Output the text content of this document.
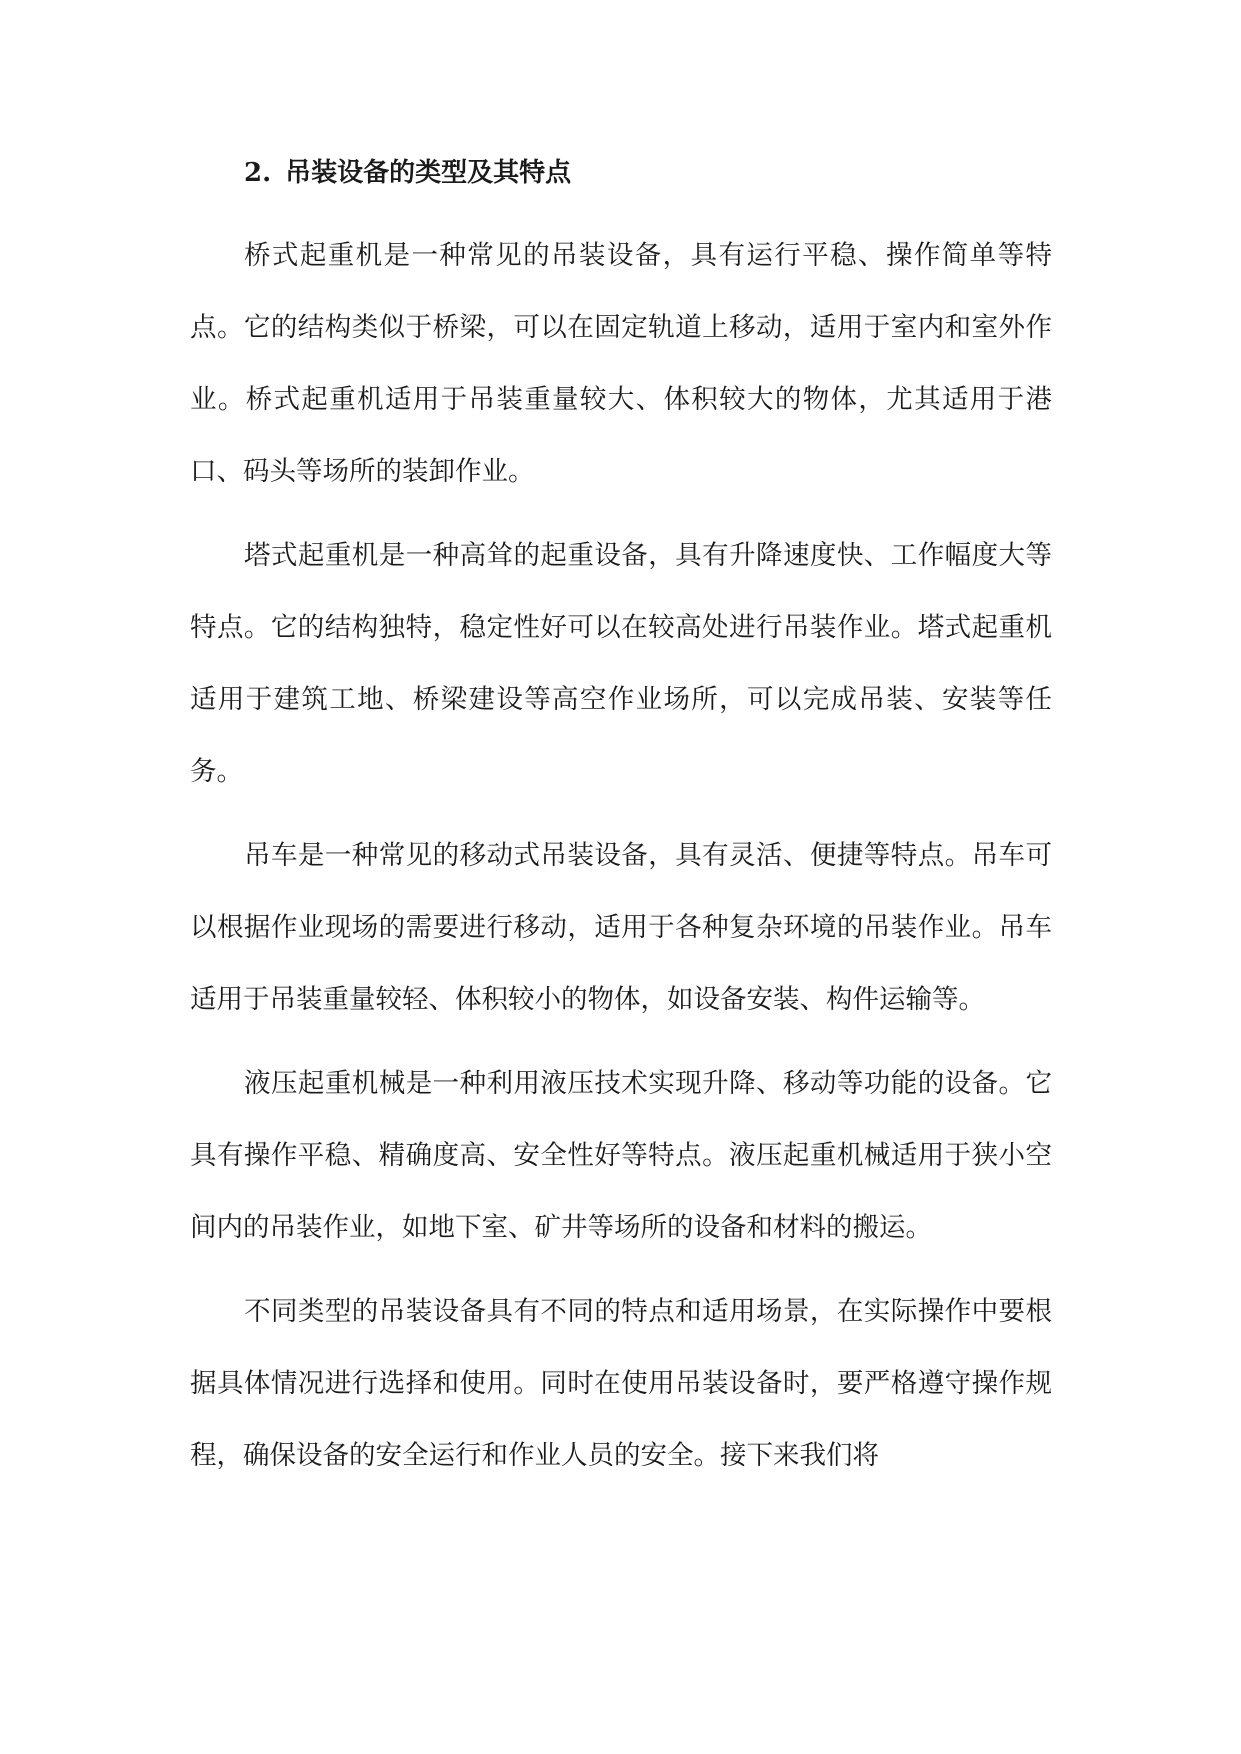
2. 吊装设备的类型及其特点

桥式起重机是一种常见的吊装设备，具有运行平稳、操作简单等特点。它的结构类似于桥梁，可以在固定轨道上移动，适用于室内和室外作业。桥式起重机适用于吊装重量较大、体积较大的物体，尤其适用于港口、码头等场所的装卸作业。

塔式起重机是一种高耸的起重设备，具有升降速度快、工作幅度大等特点。它的结构独特，稳定性好可以在较高处进行吊装作业。塔式起重机适用于建筑工地、桥梁建设等高空作业场所，可以完成吊装、安装等任务。

吊车是一种常见的移动式吊装设备，具有灵活、便捷等特点。吊车可以根据作业现场的需要进行移动，适用于各种复杂环境的吊装作业。吊车适用于吊装重量较轻、体积较小的物体，如设备安装、构件运输等。

液压起重机械是一种利用液压技术实现升降、移动等功能的设备。它具有操作平稳、精确度高、安全性好等特点。液压起重机械适用于狭小空间内的吊装作业，如地下室、矿井等场所的设备和材料的搬运。

不同类型的吊装设备具有不同的特点和适用场景，在实际操作中要根据具体情况进行选择和使用。同时在使用吊装设备时，要严格遵守操作规程，确保设备的安全运行和作业人员的安全。接下来我们将
